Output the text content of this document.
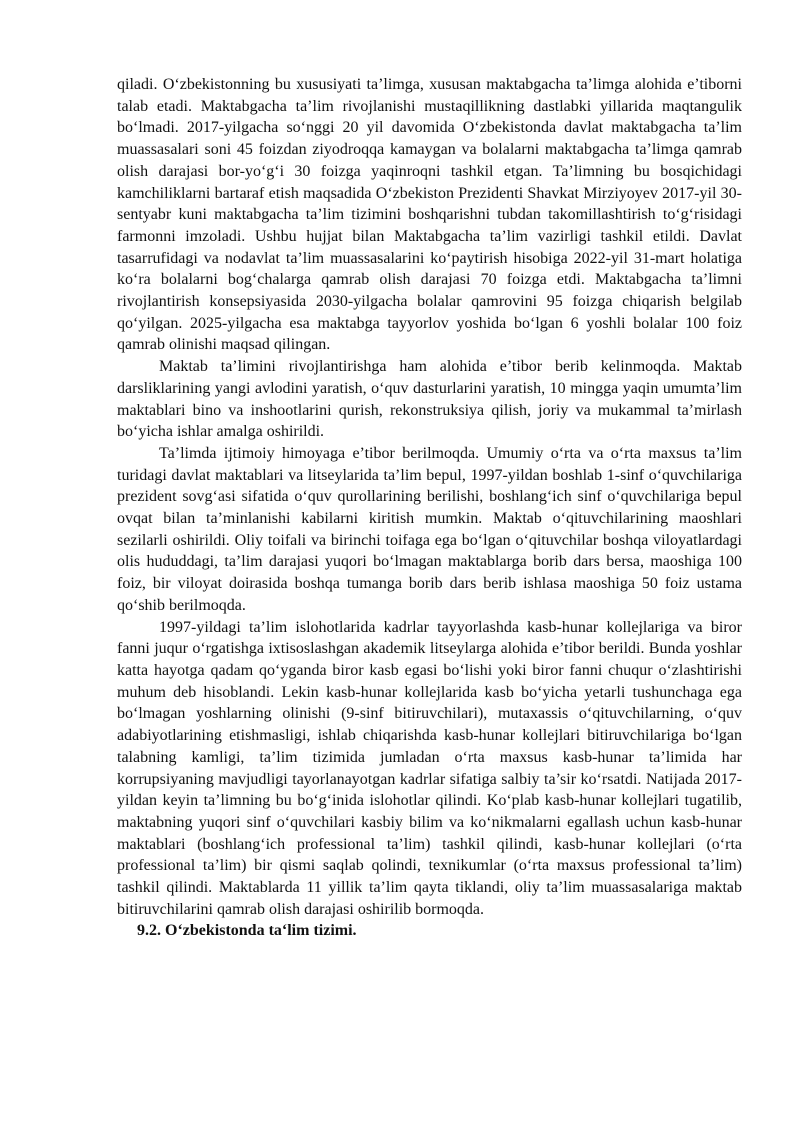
qiladi. O‘zbekistonning bu xususiyati ta’limga, xususan maktabgacha ta’limga alohida e’tiborni talab etadi. Maktabgacha ta’lim rivojlanishi mustaqillikning dastlabki yillarida maqtangulik bo‘lmadi. 2017-yilgacha so‘nggi 20 yil davomida O‘zbekistonda davlat maktabgacha ta’lim muassasalari soni 45 foizdan ziyodroqqa kamaygan va bolalarni maktabgacha ta’limga qamrab olish darajasi bor-yo‘g‘i 30 foizga yaqinroqni tashkil etgan. Ta’limning bu bosqichidagi kamchiliklarni bartaraf etish maqsadida O‘zbekiston Prezidenti Shavkat Mirziyoyev 2017-yil 30-sentyabr kuni maktabgacha ta’lim tizimini boshqarishni tubdan takomillashtirish to‘g‘risidagi farmonni imzoladi. Ushbu hujjat bilan Maktabgacha ta’lim vazirligi tashkil etildi. Davlat tasarrufidagi va nodavlat ta’lim muassasalarini ko‘paytirish hisobiga 2022-yil 31-mart holatiga ko‘ra bolalarni bog‘chalarga qamrab olish darajasi 70 foizga etdi. Maktabgacha ta’limni rivojlantirish konsepsiyasida 2030-yilgacha bolalar qamrovini 95 foizga chiqarish belgilab qo‘yilgan. 2025-yilgacha esa maktabga tayyorlov yoshida bo‘lgan 6 yoshli bolalar 100 foiz qamrab olinishi maqsad qilingan.

Maktab ta’limini rivojlantirishga ham alohida e’tibor berib kelinmoqda. Maktab darsliklarining yangi avlodini yaratish, o‘quv dasturlarini yaratish, 10 mingga yaqin umumta’lim maktablari bino va inshootlarini qurish, rekonstruksiya qilish, joriy va mukammal ta’mirlash bo‘yicha ishlar amalga oshirildi.

Ta’limda ijtimoiy himoyaga e’tibor berilmoqda. Umumiy o‘rta va o‘rta maxsus ta’lim turidagi davlat maktablari va litseylarida ta’lim bepul, 1997-yildan boshlab 1-sinf o‘quvchilariga prezident sovg‘asi sifatida o‘quv qurollarining berilishi, boshlang‘ich sinf o‘quvchilariga bepul ovqat bilan ta’minlanishi kabilarni kiritish mumkin. Maktab o‘qituvchilarining maoshlari sezilarli oshirildi. Oliy toifali va birinchi toifaga ega bo‘lgan o‘qituvchilar boshqa viloyatlardagi olis hududdagi, ta’lim darajasi yuqori bo‘lmagan maktablarga borib dars bersa, maoshiga 100 foiz, bir viloyat doirasida boshqa tumanga borib dars berib ishlasa maoshiga 50 foiz ustama qo‘shib berilmoqda.

1997-yildagi ta’lim islohotlarida kadrlar tayyorlashda kasb-hunar kollejlariga va biror fanni juqur o‘rgatishga ixtisoslashgan akademik litseylarga alohida e’tibor berildi. Bunda yoshlar katta hayotga qadam qo‘yganda biror kasb egasi bo‘lishi yoki biror fanni chuqur o‘zlashtirishi muhum deb hisoblandi. Lekin kasb-hunar kollejlarida kasb bo‘yicha yetarli tushunchaga ega bo‘lmagan yoshlarning olinishi (9-sinf bitiruvchilari), mutaxassis o‘qituvchilarning, o‘quv adabiyotlarining etishmasligi, ishlab chiqarishda kasb-hunar kollejlari bitiruvchilariga bo‘lgan talabning kamligi, ta’lim tizimida jumladan o‘rta maxsus kasb-hunar ta’limida har korrupsiyaning mavjudligi tayorlanayotgan kadrlar sifatiga salbiy ta’sir ko‘rsatdi. Natijada 2017-yildan keyin ta’limning bu bo‘g‘inida islohotlar qilindi. Ko‘plab kasb-hunar kollejlari tugatilib, maktabning yuqori sinf o‘quvchilari kasbiy bilim va ko‘nikmalarni egallash uchun kasb-hunar maktablari (boshlang‘ich professional ta’lim) tashkil qilindi, kasb-hunar kollejlari (o‘rta professional ta’lim) bir qismi saqlab qolindi, texnikumlar (o‘rta maxsus professional ta’lim) tashkil qilindi. Maktablarda 11 yillik ta’lim qayta tiklandi, oliy ta’lim muassasalariga maktab bitiruvchilarini qamrab olish darajasi oshirilib bormoqda.

9.2. O‘zbekistonda ta‘lim tizimi.
